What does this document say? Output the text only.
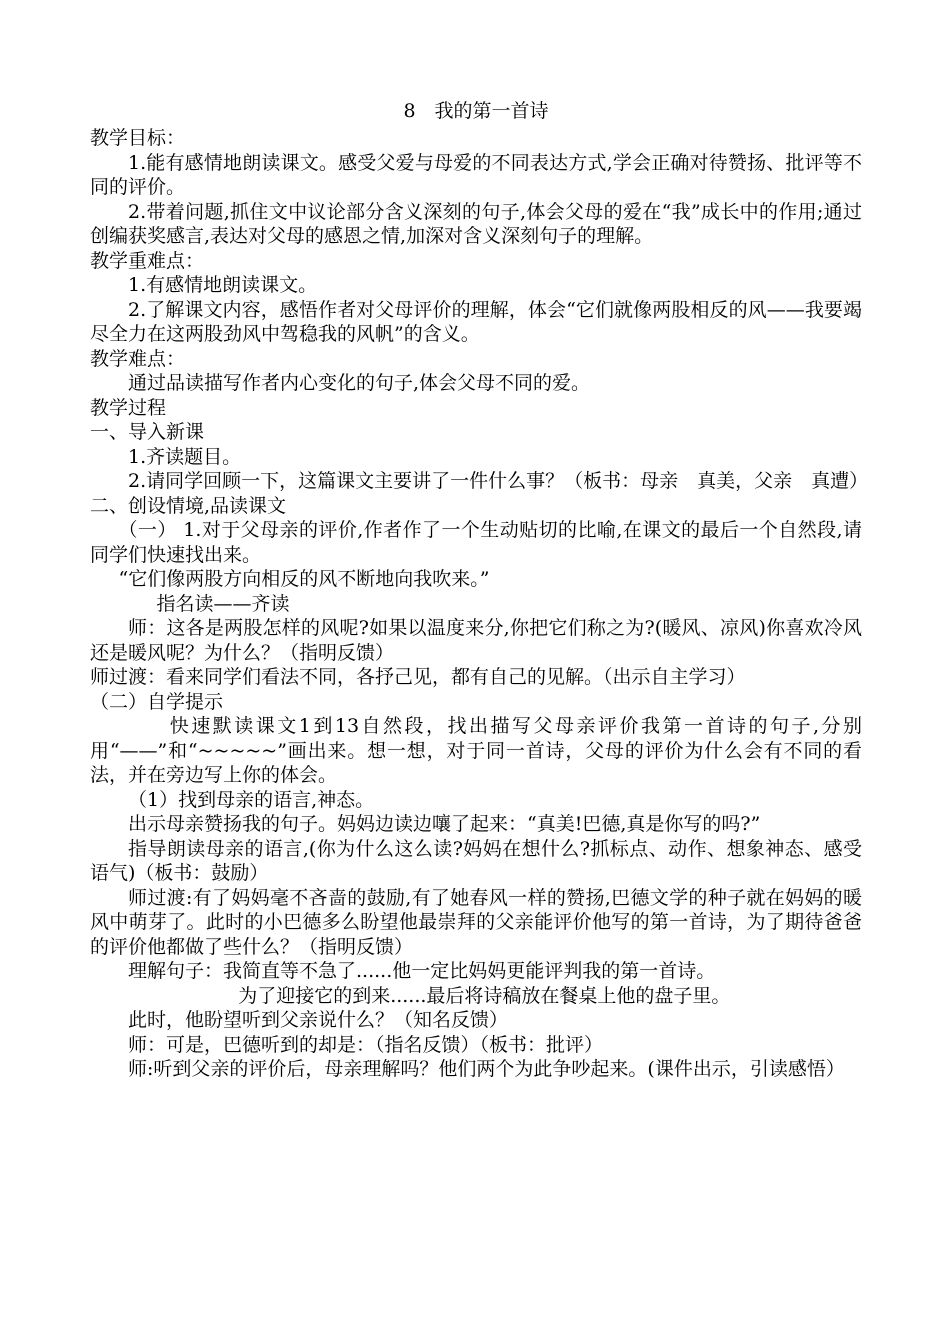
8　我的第一首诗
教学目标：
1.能有感情地朗读课文。感受父爱与母爱的不同表达方式,学会正确对待赞扬、批评等不同的评价。
2.带着问题,抓住文中议论部分含义深刻的句子,体会父母的爱在“我”成长中的作用;通过创编获奖感言,表达对父母的感恩之情,加深对含义深刻句子的理解。
教学重难点：
1.有感情地朗读课文。
2.了解课文内容，感悟作者对父母评价的理解，体会“它们就像两股相反的风——我要竭尽全力在这两股劲风中驾稳我的风帆”的含义。
教学难点：
通过品读描写作者内心变化的句子,体会父母不同的爱。
教学过程
一、导入新课
1.齐读题目。
2.请同学回顾一下，这篇课文主要讲了一件什么事？（板书：母亲　真美，父亲　真遭）
二、创设情境,品读课文
（一） 1.对于父母亲的评价,作者作了一个生动贴切的比喻,在课文的最后一个自然段,请同学们快速找出来。
“它们像两股方向相反的风不断地向我吹来。”
指名读——齐读
师：这各是两股怎样的风呢?如果以温度来分,你把它们称之为?(暖风、凉风)你喜欢冷风还是暖风呢？为什么？（指明反馈）
师过渡：看来同学们看法不同，各抒己见，都有自己的见解。（出示自主学习）
（二）自学提示
快速默读课文1到13自然段，找出描写父母亲评价我第一首诗的句子,分别用“——”和“~~~~~”画出来。想一想，对于同一首诗，父母的评价为什么会有不同的看法，并在旁边写上你的体会。
（1）找到母亲的语言,神态。
出示母亲赞扬我的句子。妈妈边读边嚷了起来：“真美!巴德,真是你写的吗?”
指导朗读母亲的语言,(你为什么这么读?妈妈在想什么?抓标点、动作、想象神态、感受语气)（板书：鼓励）
师过渡:有了妈妈毫不吝啬的鼓励,有了她春风一样的赞扬,巴德文学的种子就在妈妈的暖风中萌芽了。此时的小巴德多么盼望他最崇拜的父亲能评价他写的第一首诗，为了期待爸爸的评价他都做了些什么？（指明反馈）
理解句子：我简直等不急了......他一定比妈妈更能评判我的第一首诗。
为了迎接它的到来......最后将诗稿放在餐桌上他的盘子里。
此时，他盼望听到父亲说什么？（知名反馈）
师：可是，巴德听到的却是：（指名反馈）（板书：批评）
师:听到父亲的评价后，母亲理解吗？他们两个为此争吵起来。(课件出示，引读感悟）
